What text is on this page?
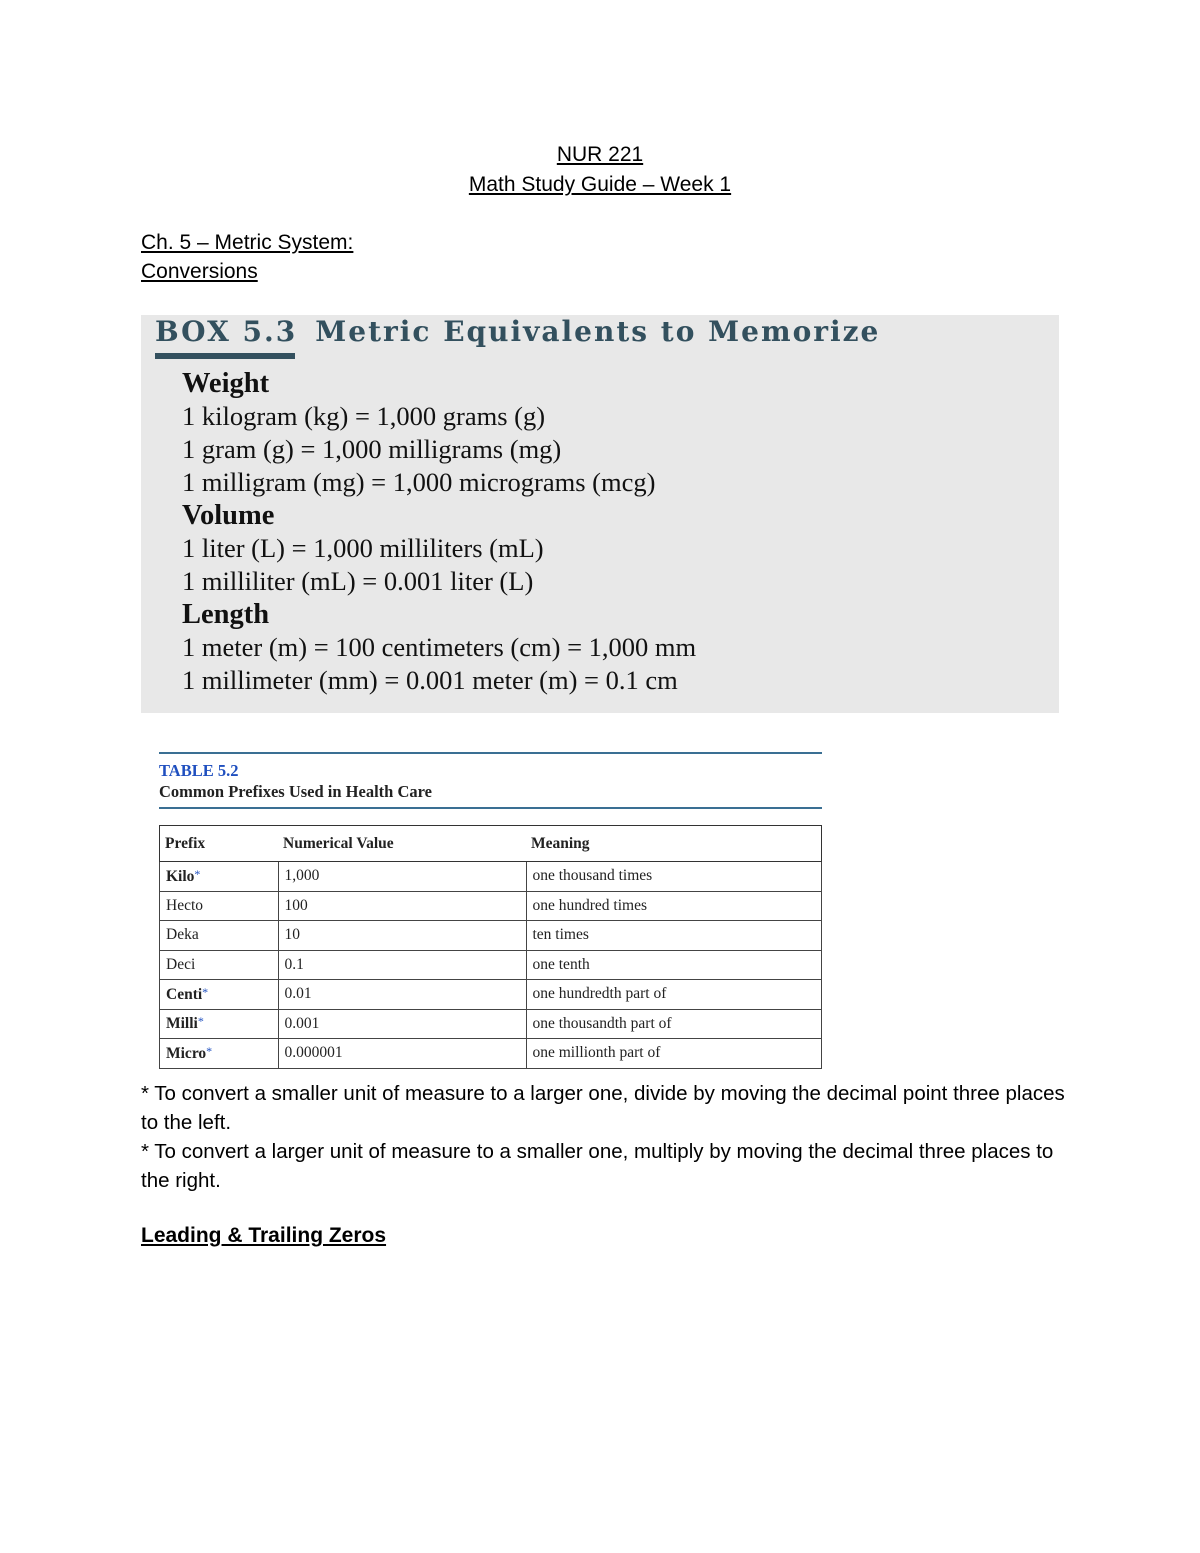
NUR 221
Math Study Guide – Week 1
Ch. 5 – Metric System:
Conversions
BOX 5.3 Metric Equivalents to Memorize
Weight
1 kilogram (kg) = 1,000 grams (g)
1 gram (g) = 1,000 milligrams (mg)
1 milligram (mg) = 1,000 micrograms (mcg)
Volume
1 liter (L) = 1,000 milliliters (mL)
1 milliliter (mL) = 0.001 liter (L)
Length
1 meter (m) = 100 centimeters (cm) = 1,000 mm
1 millimeter (mm) = 0.001 meter (m) = 0.1 cm
TABLE 5.2
Common Prefixes Used in Health Care
Prefix	Numerical Value	Meaning
Kilo*	1,000	one thousand times
Hecto	100	one hundred times
Deka	10	ten times
Deci	0.1	one tenth
Centi*	0.01	one hundredth part of
Milli*	0.001	one thousandth part of
Micro*	0.000001	one millionth part of
* To convert a smaller unit of measure to a larger one, divide by moving the decimal point three places to the left.
* To convert a larger unit of measure to a smaller one, multiply by moving the decimal three places to the right.
Leading & Trailing Zeros
